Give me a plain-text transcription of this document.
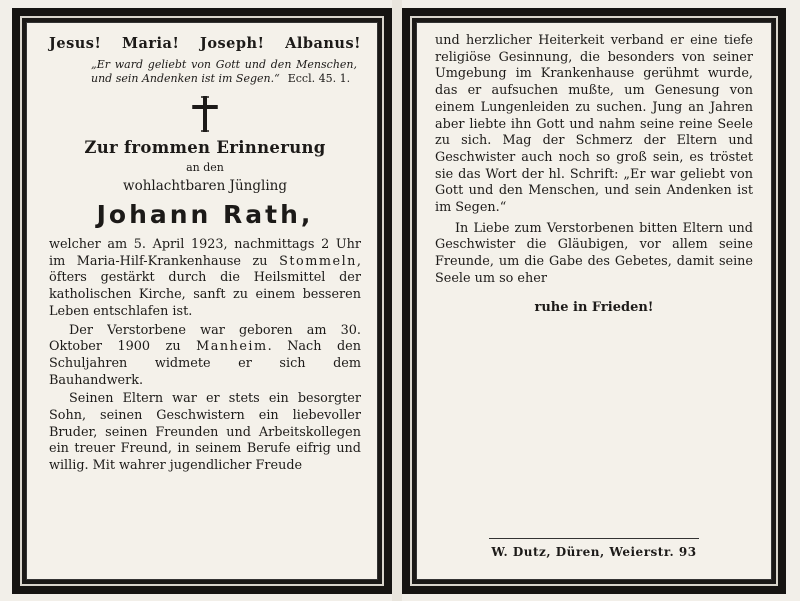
Jesus! Maria! Joseph! Albanus!
„Er ward geliebt von Gott und den Menschen, und sein Andenken ist im Segen.“ Eccl. 45. 1.
Zur frommen Erinnerung
an den
wohlachtbaren Jüngling
Johann Rath,

welcher am 5. April 1923, nachmittags 2 Uhr im Maria-Hilf-Krankenhause zu Stommeln, öfters gestärkt durch die Heilsmittel der katholischen Kirche, sanft zu einem besseren Leben entschlafen ist.

Der Verstorbene war geboren am 30. Oktober 1900 zu Manheim. Nach den Schuljahren widmete er sich dem Bauhandwerk.

Seinen Eltern war er stets ein besorgter Sohn, seinen Geschwistern ein liebevoller Bruder, seinen Freunden und Arbeitskollegen ein treuer Freund, in seinem Berufe eifrig und willig. Mit wahrer jugendlicher Freude

und herzlicher Heiterkeit verband er eine tiefe religiöse Gesinnung, die besonders von seiner Umgebung im Krankenhause gerühmt wurde, das er aufsuchen mußte, um Genesung von einem Lungenleiden zu suchen. Jung an Jahren aber liebte ihn Gott und nahm seine reine Seele zu sich. Mag der Schmerz der Eltern und Geschwister auch noch so groß sein, es tröstet sie das Wort der hl. Schrift: „Er war geliebt von Gott und den Menschen, und sein Andenken ist im Segen.“

In Liebe zum Verstorbenen bitten Eltern und Geschwister die Gläubigen, vor allem seine Freunde, um die Gabe des Gebetes, damit seine Seele um so eher

ruhe in Frieden!
W. Dutz, Düren, Weierstr. 93
